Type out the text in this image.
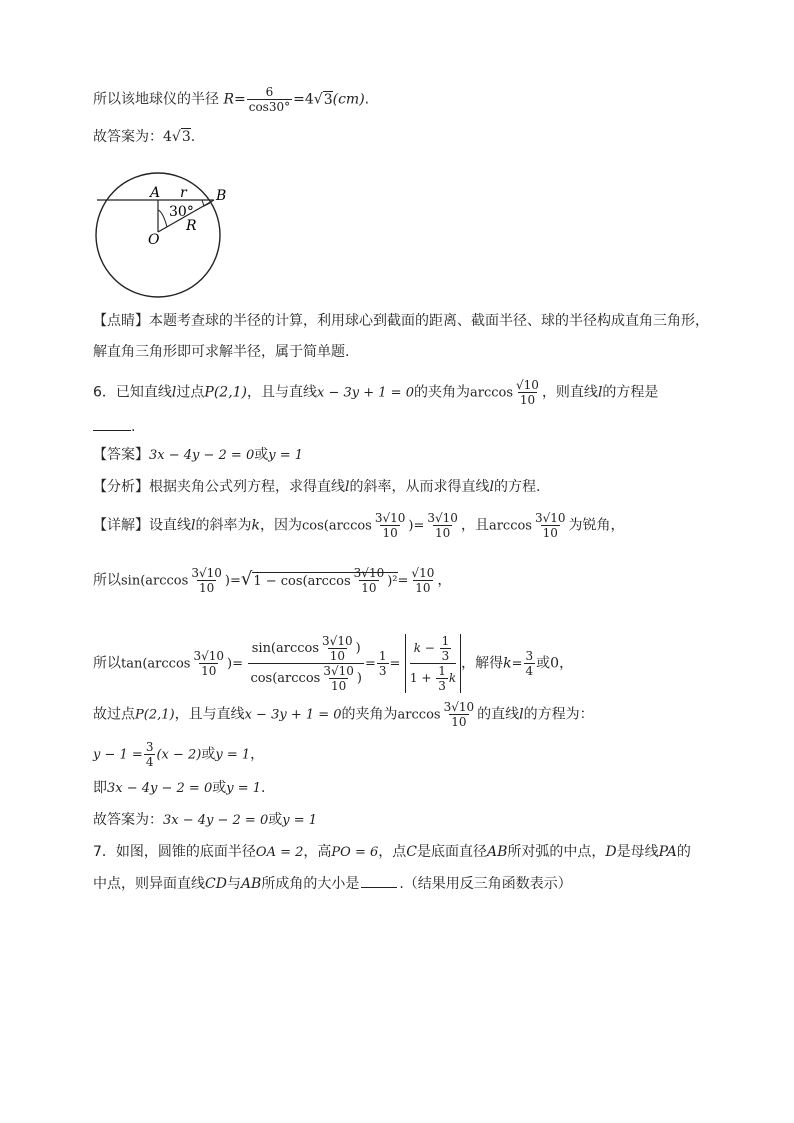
所以该地球仪的半径 $R= \frac{6}{\cos 30^\circ} =4√3(cm)$.
故答案为：4√3.
A r B
30°
R
O
【点睛】本题考查球的半径的计算，利用球心到截面的距离、截面半径、球的半径构成直角三角形，
解直角三角形即可求解半径，属于简单题.
6．已知直线l过点P(2,1)，且与直线x − 3y + 1 = 0的夹角为$\arccos \frac{√10}{10}$ ，则直线l的方程是
.
【答案】3x − 4y − 2 = 0或y = 1
【分析】根据夹角公式列方程，求得直线l的斜率，从而求得直线l的方程.
【详解】设直线l的斜率为k，因为$\cos(\arccos \frac{3√10}{10}$ )= $\frac{3√10}{10}$ ，且$\arccos \frac{3√10}{10}$ 为锐角，
所以$\sin(\arccos \frac{3√10}{10} )=√1 - \cos(\arccos \frac{3√10}{10} )^2= \frac{√10}{10}$ ，
所以$\tan(\arccos \frac{3√10}{10}$ )= $\frac{\sin(\arccos \frac{3√10}{10} )}{\cos(\arccos \frac{3√10}{10} )} = \frac{1}{3} = \frac{k - \frac{1}{3}}{1 + \frac{1}{3} k}$ ，解得$k= \frac{3}{4}$ 或0，
故过点P(2,1)，且与直线x − 3y + 1 = 0的夹角为$\arccos \frac{3√10}{10}$ 的直线l的方程为：
$y - 1 = \frac{3}{4} (x - 2)$或y = 1，
即3x − 4y − 2 = 0或y = 1.
故答案为：3x − 4y − 2 = 0或y = 1
7．如图，圆锥的底面半径OA = 2，高PO = 6，点C是底面直径AB所对弧的中点，D是母线PA的
中点，则异面直线CD与AB所成角的大小是	.（结果用反三角函数表示）
